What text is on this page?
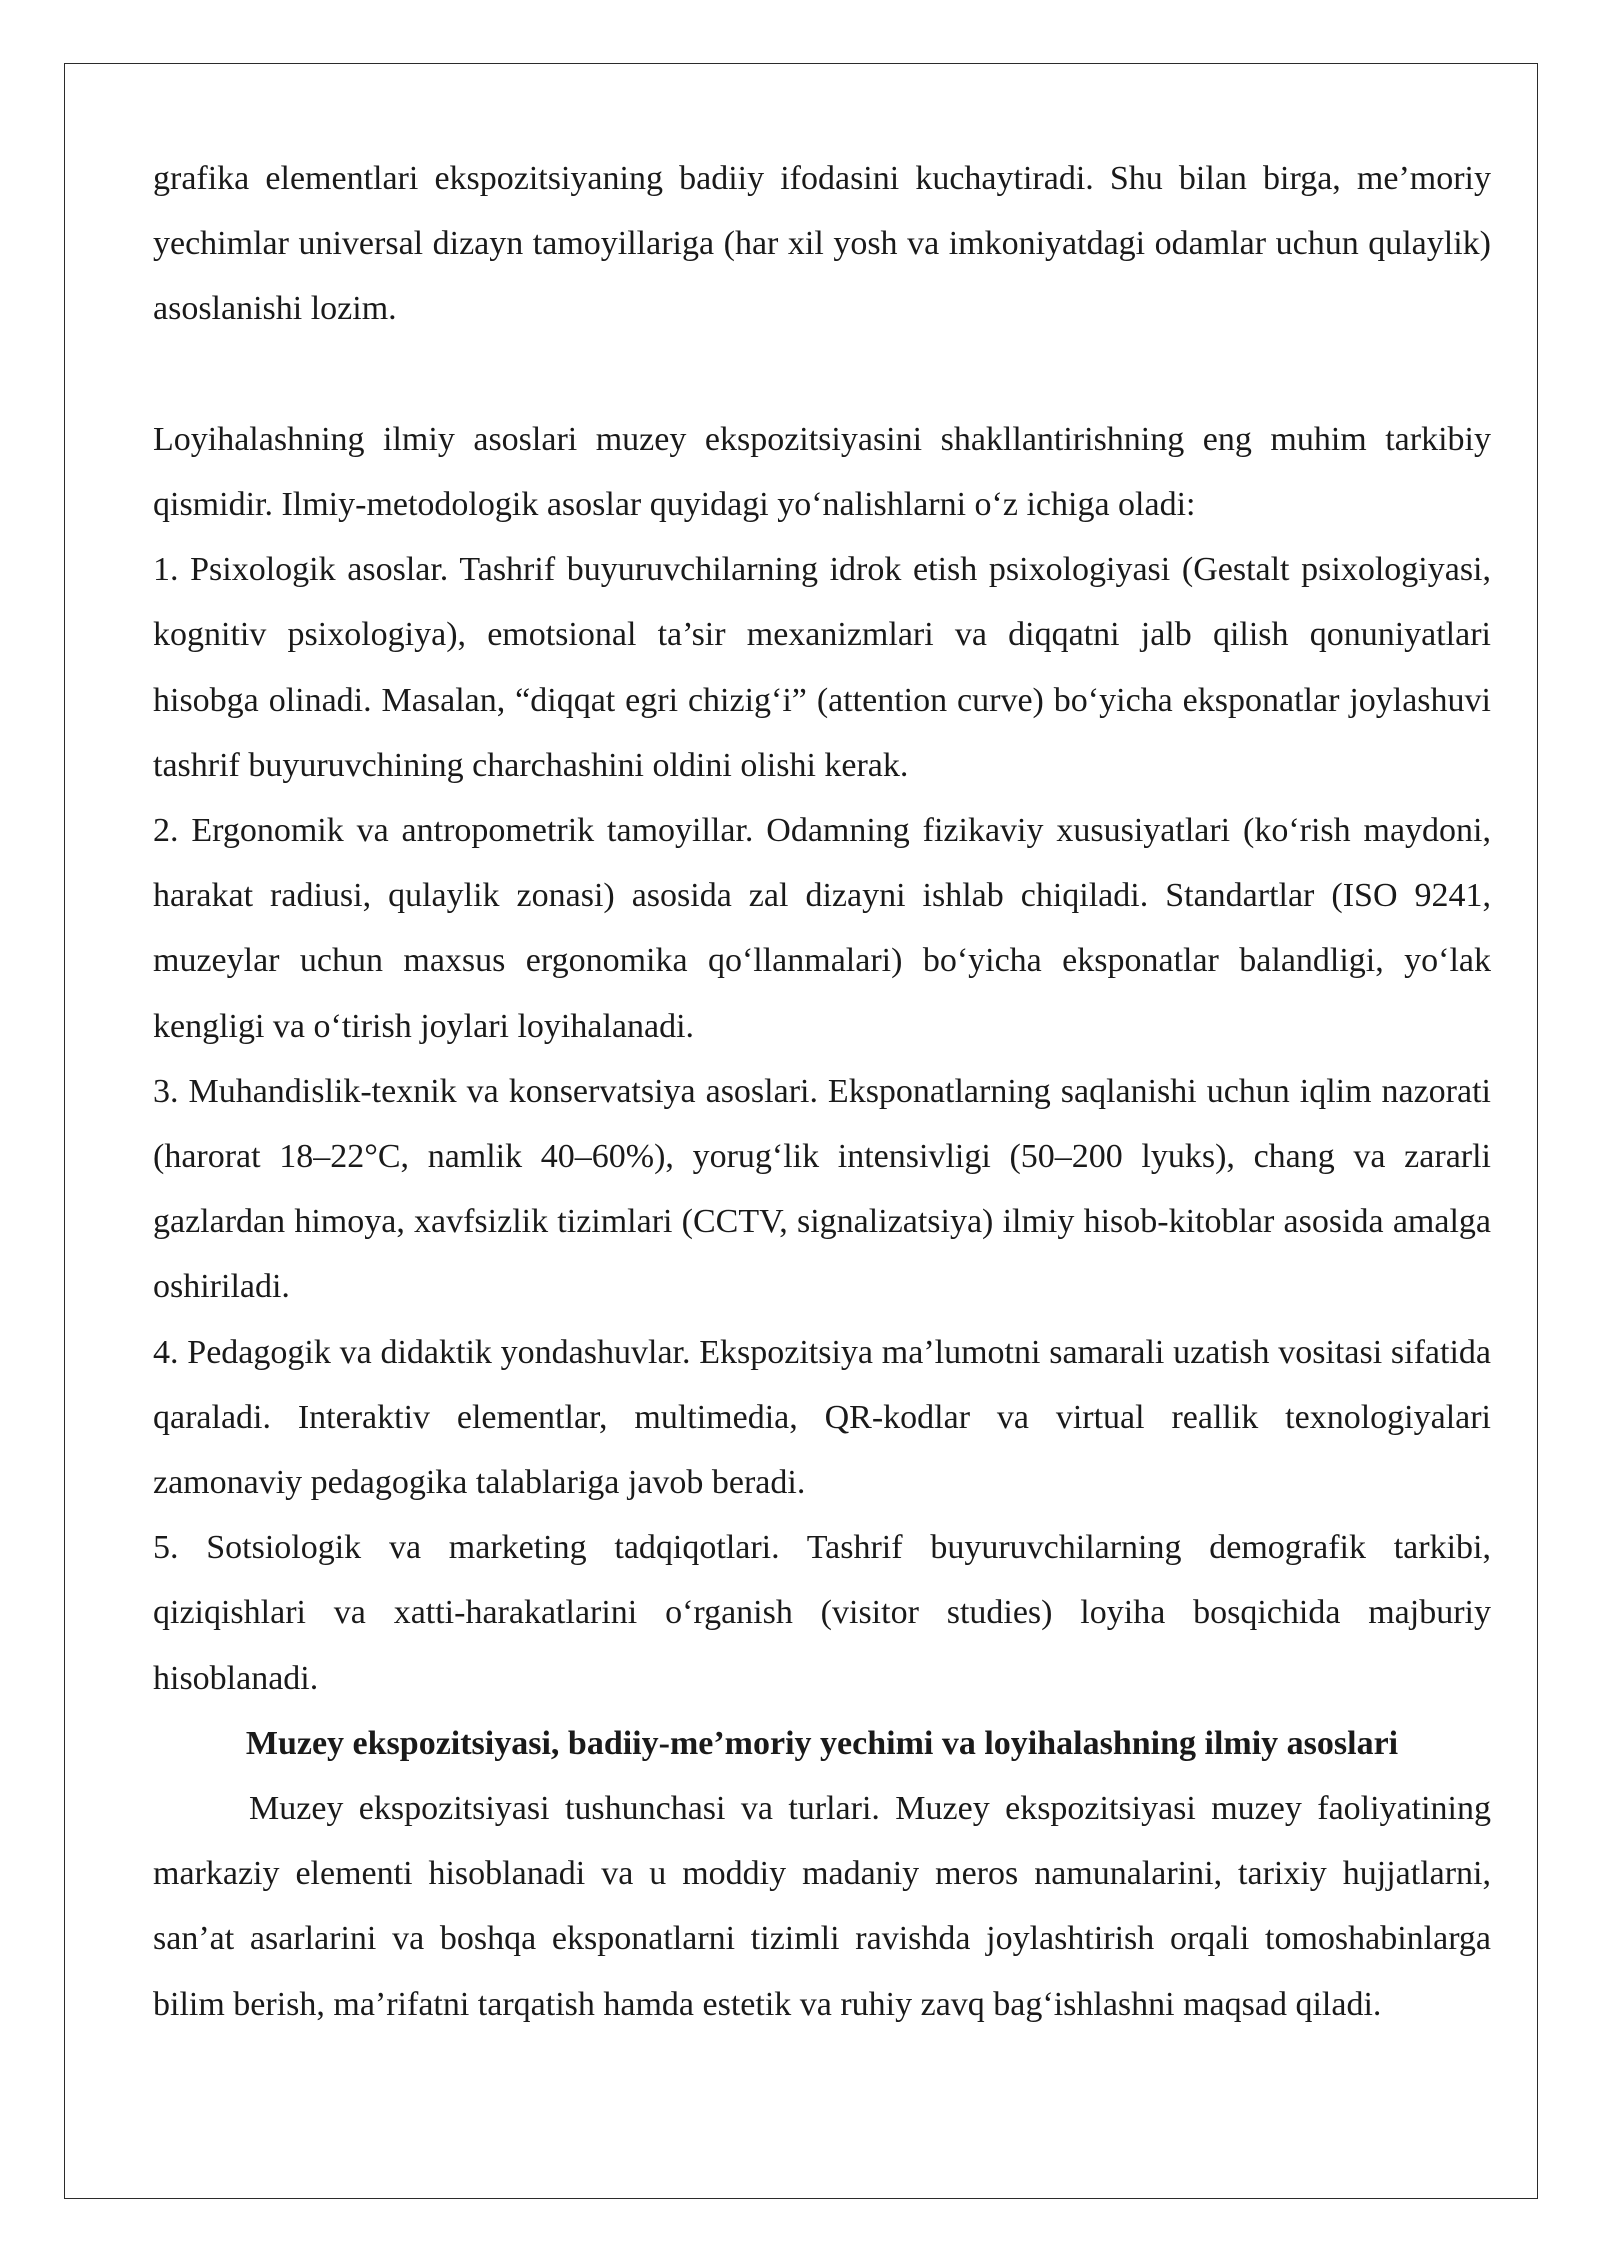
grafika elementlari ekspozitsiyaning badiiy ifodasini kuchaytiradi. Shu bilan birga, me’moriy yechimlar universal dizayn tamoyillariga (har xil yosh va imkoniyatdagi odamlar uchun qulaylik) asoslanishi lozim.

Loyihalashning ilmiy asoslari muzey ekspozitsiyasini shakllantirishning eng muhim tarkibiy qismidir. Ilmiy-metodologik asoslar quyidagi yo‘nalishlarni o‘z ichiga oladi:

1. Psixologik asoslar. Tashrif buyuruvchilarning idrok etish psixologiyasi (Gestalt psixologiyasi, kognitiv psixologiya), emotsional ta’sir mexanizmlari va diqqatni jalb qilish qonuniyatlari hisobga olinadi. Masalan, “diqqat egri chizig‘i” (attention curve) bo‘yicha eksponatlar joylashuvi tashrif buyuruvchining charchashini oldini olishi kerak.

2. Ergonomik va antropometrik tamoyillar. Odamning fizikaviy xususiyatlari (ko‘rish maydoni, harakat radiusi, qulaylik zonasi) asosida zal dizayni ishlab chiqiladi. Standartlar (ISO 9241, muzeylar uchun maxsus ergonomika qo‘llanmalari) bo‘yicha eksponatlar balandligi, yo‘lak kengligi va o‘tirish joylari loyihalanadi.

3. Muhandislik-texnik va konservatsiya asoslari. Eksponatlarning saqlanishi uchun iqlim nazorati (harorat 18–22°C, namlik 40–60%), yorug‘lik intensivligi (50–200 lyuks), chang va zararli gazlardan himoya, xavfsizlik tizimlari (CCTV, signalizatsiya) ilmiy hisob-kitoblar asosida amalga oshiriladi.

4. Pedagogik va didaktik yondashuvlar. Ekspozitsiya ma’lumotni samarali uzatish vositasi sifatida qaraladi. Interaktiv elementlar, multimedia, QR-kodlar va virtual reallik texnologiyalari zamonaviy pedagogika talablariga javob beradi.

5. Sotsiologik va marketing tadqiqotlari. Tashrif buyuruvchilarning demografik tarkibi, qiziqishlari va xatti-harakatlarini o‘rganish (visitor studies) loyiha bosqichida majburiy hisoblanadi.

Muzey ekspozitsiyasi, badiiy-me’moriy yechimi va loyihalashning ilmiy asoslari

Muzey ekspozitsiyasi tushunchasi va turlari. Muzey ekspozitsiyasi muzey faoliyatining markaziy elementi hisoblanadi va u moddiy madaniy meros namunalarini, tarixiy hujjatlarni, san’at asarlarini va boshqa eksponatlarni tizimli ravishda joylashtirish orqali tomoshabinlarga bilim berish, ma’rifatni tarqatish hamda estetik va ruhiy zavq bag‘ishlashni maqsad qiladi.
